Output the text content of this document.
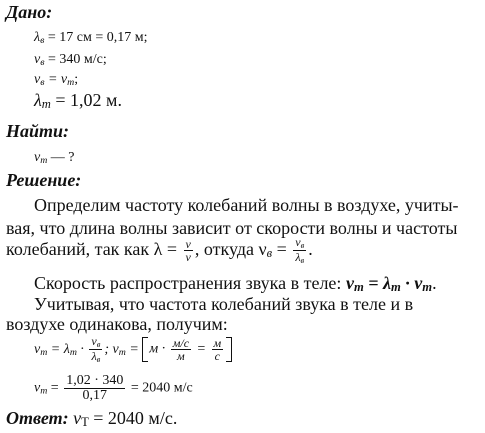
Дано:
$\lambda_в = 17$ см = 0,17 м;
$v_в = 340$ м/с;
$\nu_в = \nu_т$;
$\lambda_т = 1,02$ м.
Найти:
$v_т$ — ?
Решение:
Определим частоту колебаний волны в воздухе, учиты-
вая, что длина волны зависит от скорости волны и частоты
колебаний, так как $\lambda = \frac{v}{\nu}$ , откуда $\nu_в = \frac{v_в}{\lambda_в}$ .
Скорость распространения звука в теле: $v_т = \lambda_т \cdot \nu_т$.
Учитывая, что частота колебаний звука в теле и в
воздухе одинакова, получим:
$v_т = \lambda_т \cdot \frac{v_в}{\lambda_в}$ ; $v_т = м \cdot \frac{м/с}{м} = \frac{м}{с}$
$v_т = \frac{1,02 \cdot 340}{0,17} = 2040$ м/с
Ответ: $v_Т = 2040$ м/с.
